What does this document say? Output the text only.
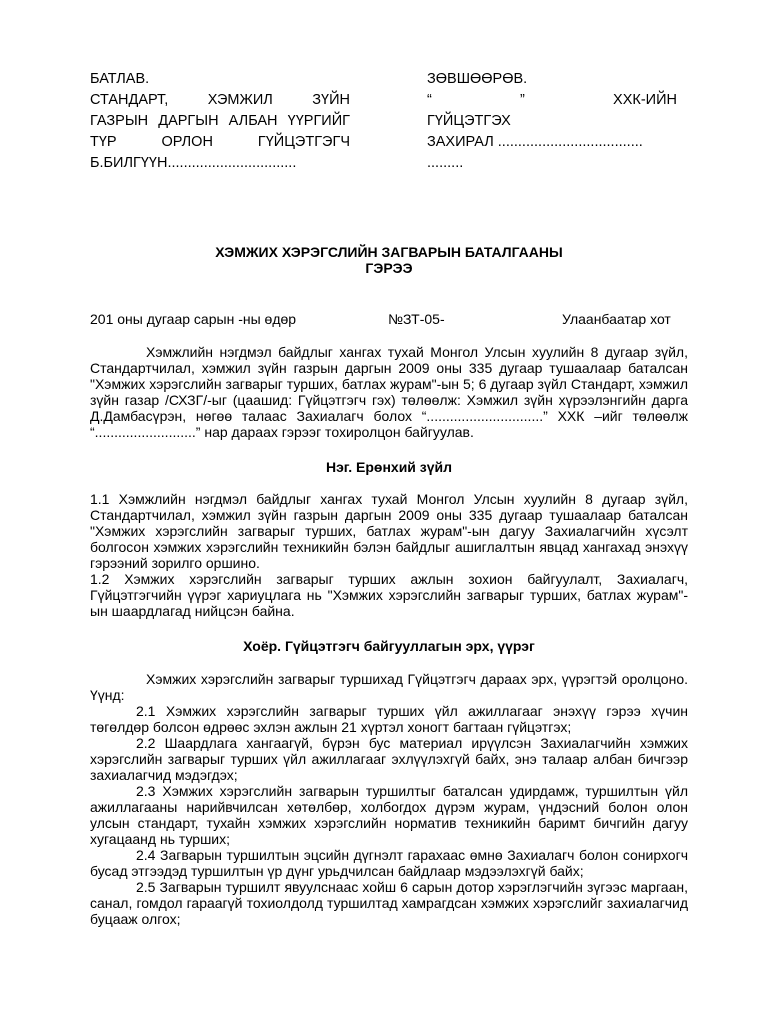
БАТЛАВ.
СТАНДАРТ, ХЭМЖИЛ ЗҮЙН
ГАЗРЫН ДАРГЫН АЛБАН ҮҮРГИЙГ
ТҮР ОРЛОН ГҮЙЦЭТГЭГЧ
Б.БИЛГҮҮН................................
ЗӨВШӨӨРӨВ.
“ ” ХХК-ИЙН
ГҮЙЦЭТГЭХ
ЗАХИРАЛ ....................................
.........
ХЭМЖИХ ХЭРЭГСЛИЙН ЗАГВАРЫН БАТАЛГААНЫ
ГЭРЭЭ
201 оны дугаар сарын -ны өдөр	№ЗТ-05-	Улаанбаатар хот

Хэмжлийн нэгдмэл байдлыг хангах тухай Монгол Улсын хуулийн 8 дугаар зүйл, Стандартчилал, хэмжил зүйн газрын даргын 2009 оны 335 дугаар тушаалаар баталсан "Хэмжих хэрэгслийн загварыг турших, батлах журам"-ын 5; 6 дугаар зүйл Стандарт, хэмжил зүйн газар /СХЗГ/-ыг (цаашид: Гүйцэтгэгч гэх) төлөөлж: Хэмжил зүйн хүрээлэнгийн дарга Д.Дамбасүрэн, нөгөө талаас Захиалагч болох “..............................” ХХК –ийг төлөөлж “..........................” нар дараах гэрээг тохиролцон байгуулав.

Нэг. Ерөнхий зүйл

1.1 Хэмжлийн нэгдмэл байдлыг хангах тухай Монгол Улсын хуулийн 8 дугаар зүйл, Стандартчилал, хэмжил зүйн газрын даргын 2009 оны 335 дугаар тушаалаар баталсан "Хэмжих хэрэгслийн загварыг турших, батлах журам"-ын дагуу Захиалагчийн хүсэлт болгосон хэмжих хэрэгслийн техникийн бэлэн байдлыг ашиглалтын явцад хангахад энэхүү гэрээний зорилго оршино.

1.2 Хэмжих хэрэгслийн загварыг турших ажлын зохион байгуулалт, Захиалагч, Гүйцэтгэгчийн үүрэг хариуцлага нь "Хэмжих хэрэгслийн загварыг турших, батлах журам"-ын шаардлагад нийцсэн байна.

Хоёр. Гүйцэтгэгч байгууллагын эрх, үүрэг

Хэмжих хэрэгслийн загварыг туршихад Гүйцэтгэгч дараах эрх, үүрэгтэй оролцоно. Үүнд:

2.1 Хэмжих хэрэгслийн загварыг турших үйл ажиллагааг энэхүү гэрээ хүчин төгөлдөр болсон өдрөөс эхлэн ажлын 21 хүртэл хоногт багтаан гүйцэтгэх;

2.2 Шаардлага хангаагүй, бүрэн бус материал ирүүлсэн Захиалагчийн хэмжих хэрэгслийн загварыг турших үйл ажиллагааг эхлүүлэхгүй байх, энэ талаар албан бичгээр захиалагчид мэдэгдэх;

2.3 Хэмжих хэрэгслийн загварын туршилтыг баталсан удирдамж, туршилтын үйл ажиллагааны нарийвчилсан хөтөлбөр, холбогдох дүрэм журам, үндэсний болон олон улсын стандарт, тухайн хэмжих хэрэгслийн норматив техникийн баримт бичгийн дагуу хугацаанд нь турших;

2.4 Загварын туршилтын эцсийн дүгнэлт гарахаас өмнө Захиалагч болон сонирхогч бусад этгээдэд туршилтын үр дүнг урьдчилсан байдлаар мэдээлэхгүй байх;

2.5 Загварын туршилт явуулснаас хойш 6 сарын дотор хэрэглэгчийн зүгээс маргаан, санал, гомдол гараагүй тохиолдолд туршилтад хамрагдсан хэмжих хэрэгслийг захиалагчид буцааж олгох;
